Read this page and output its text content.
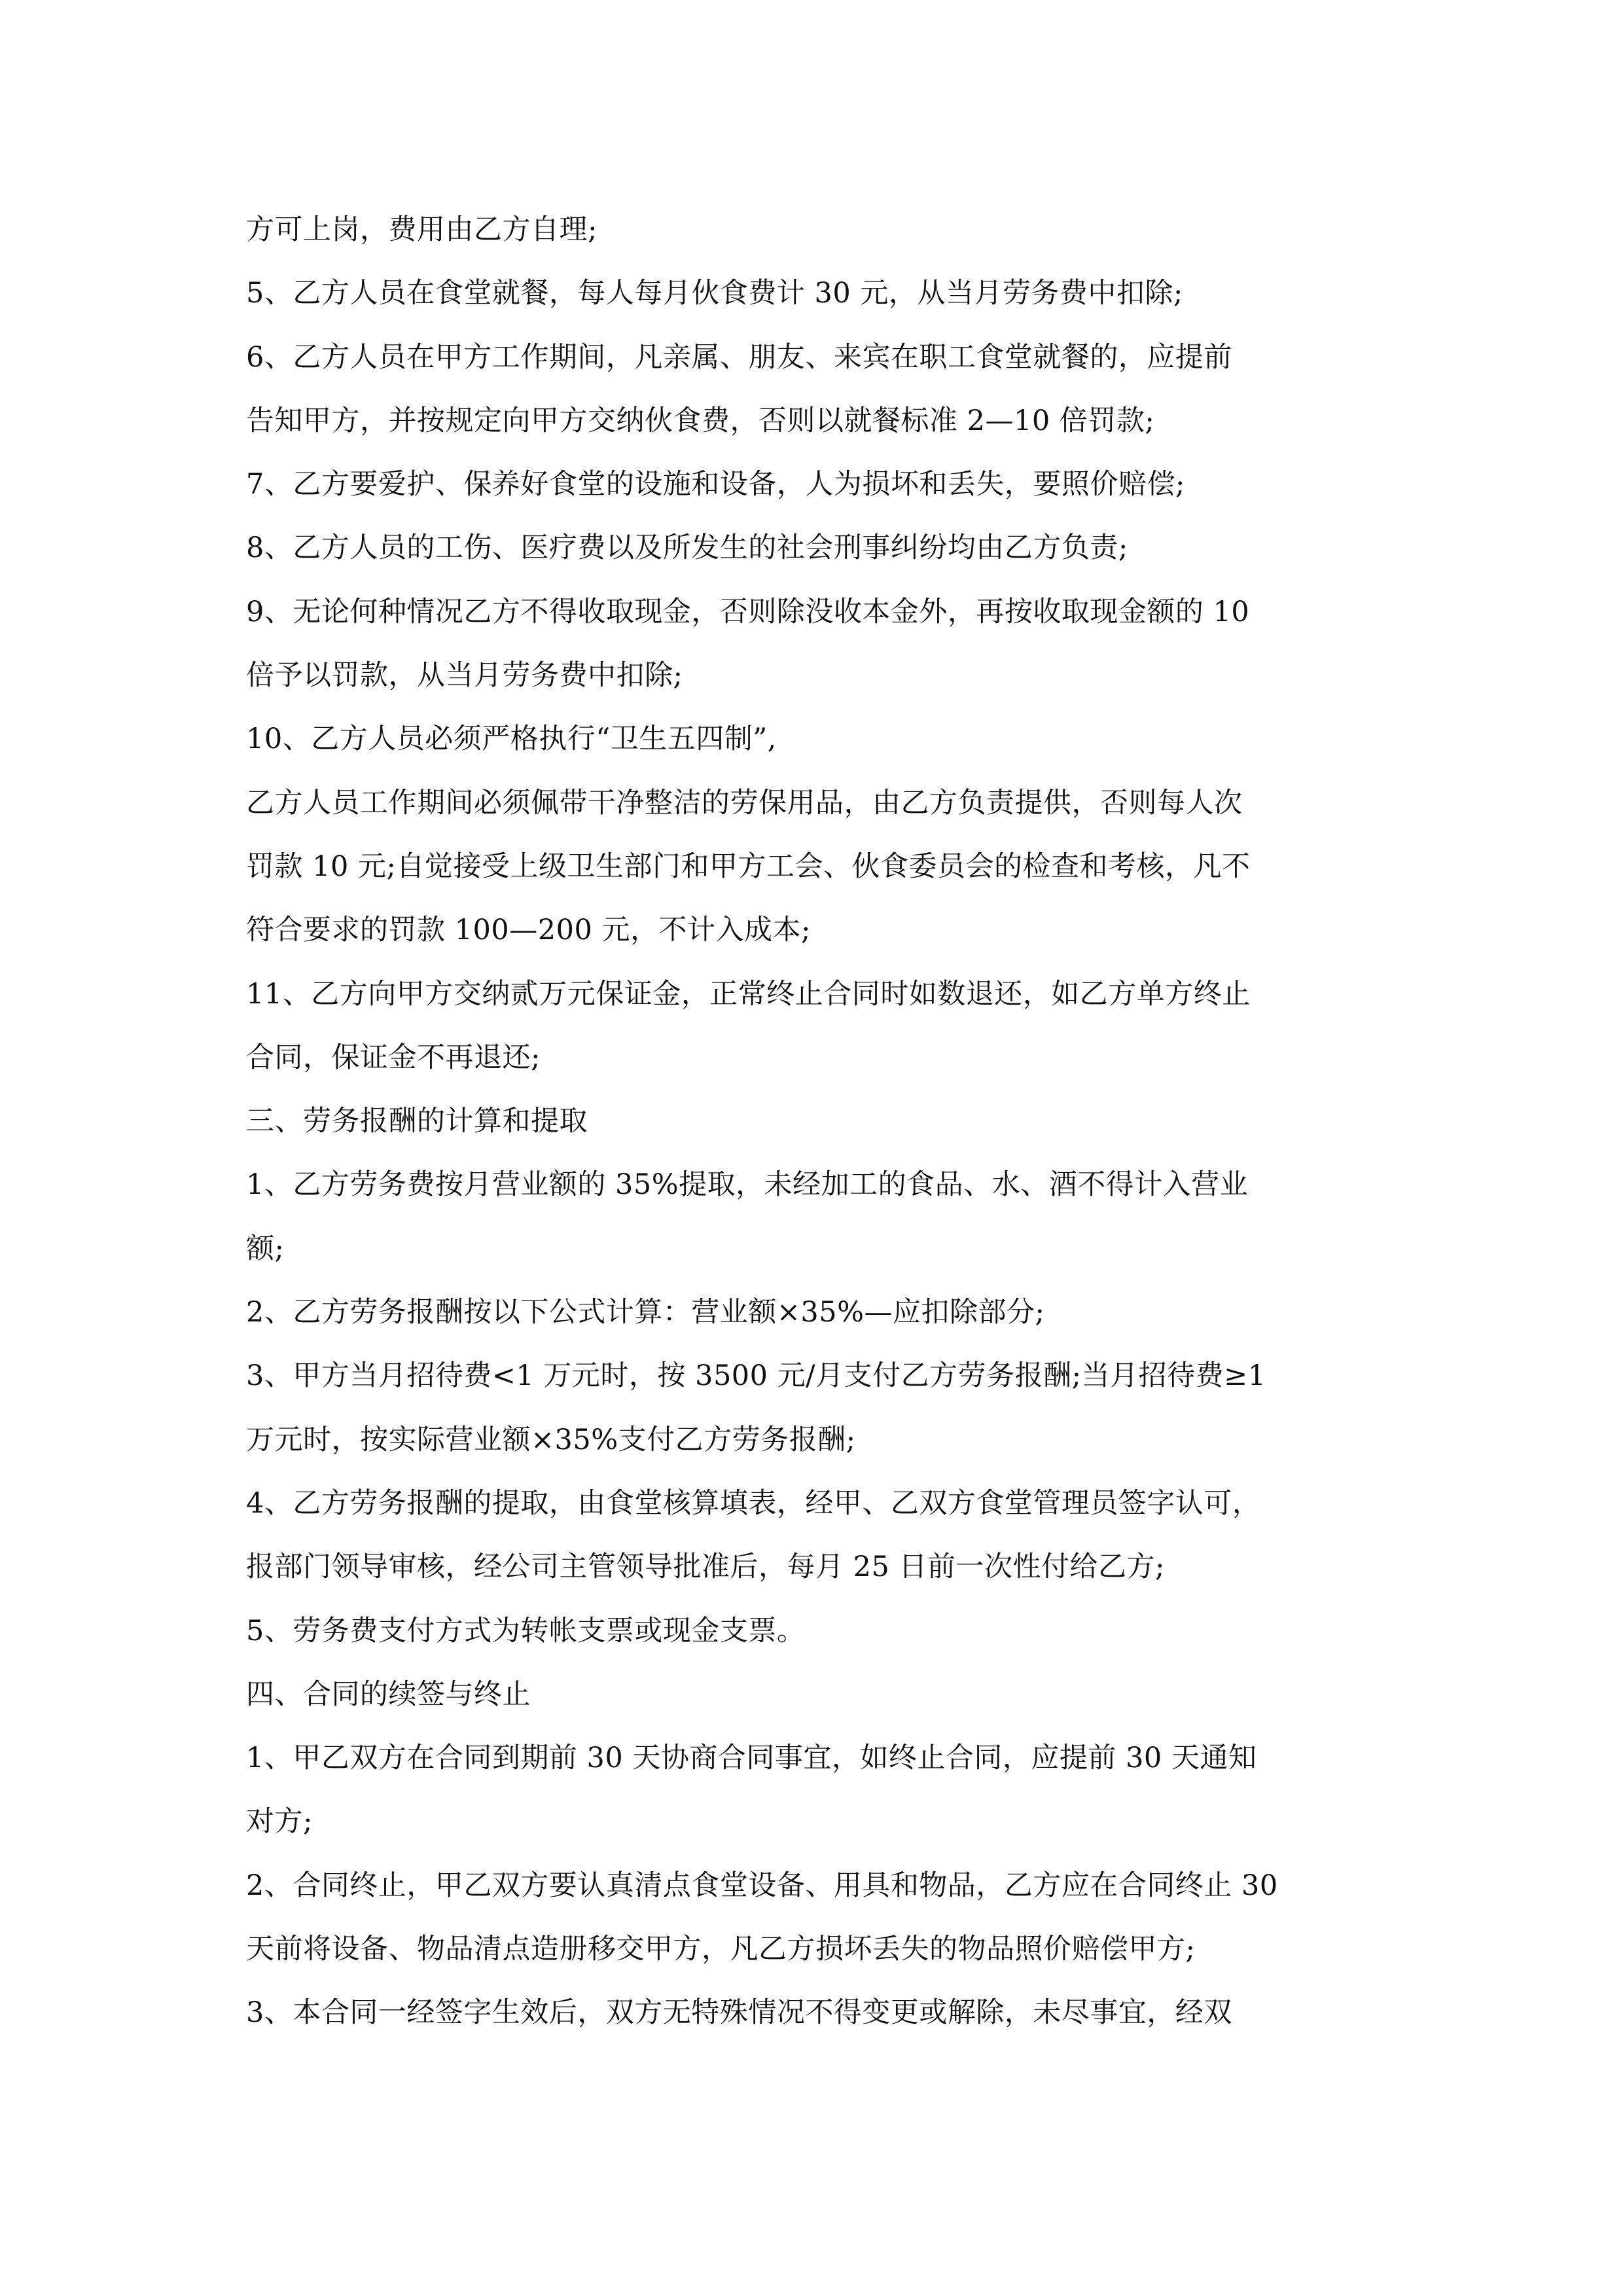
方可上岗，费用由乙方自理;
5、乙方人员在食堂就餐，每人每月伙食费计 30 元，从当月劳务费中扣除;
6、乙方人员在甲方工作期间，凡亲属、朋友、来宾在职工食堂就餐的，应提前
告知甲方，并按规定向甲方交纳伙食费，否则以就餐标准 2—10 倍罚款;
7、乙方要爱护、保养好食堂的设施和设备，人为损坏和丢失，要照价赔偿;
8、乙方人员的工伤、医疗费以及所发生的社会刑事纠纷均由乙方负责;
9、无论何种情况乙方不得收取现金，否则除没收本金外，再按收取现金额的 10
倍予以罚款，从当月劳务费中扣除;
10、乙方人员必须严格执行“卫生五四制”,
乙方人员工作期间必须佩带干净整洁的劳保用品，由乙方负责提供，否则每人次
罚款 10 元;自觉接受上级卫生部门和甲方工会、伙食委员会的检查和考核，凡不
符合要求的罚款 100—200 元，不计入成本;
11、乙方向甲方交纳贰万元保证金，正常终止合同时如数退还，如乙方单方终止
合同，保证金不再退还;
三、劳务报酬的计算和提取
1、乙方劳务费按月营业额的 35%提取，未经加工的食品、水、酒不得计入营业
额;
2、乙方劳务报酬按以下公式计算：营业额×35%—应扣除部分;
3、甲方当月招待费<1 万元时，按 3500 元/月支付乙方劳务报酬;当月招待费≥1
万元时，按实际营业额×35%支付乙方劳务报酬;
4、乙方劳务报酬的提取，由食堂核算填表，经甲、乙双方食堂管理员签字认可，
报部门领导审核，经公司主管领导批准后，每月 25 日前一次性付给乙方;
5、劳务费支付方式为转帐支票或现金支票。
四、合同的续签与终止
1、甲乙双方在合同到期前 30 天协商合同事宜，如终止合同，应提前 30 天通知
对方;
2、合同终止，甲乙双方要认真清点食堂设备、用具和物品，乙方应在合同终止 30
天前将设备、物品清点造册移交甲方，凡乙方损坏丢失的物品照价赔偿甲方;
3、本合同一经签字生效后，双方无特殊情况不得变更或解除，未尽事宜，经双
